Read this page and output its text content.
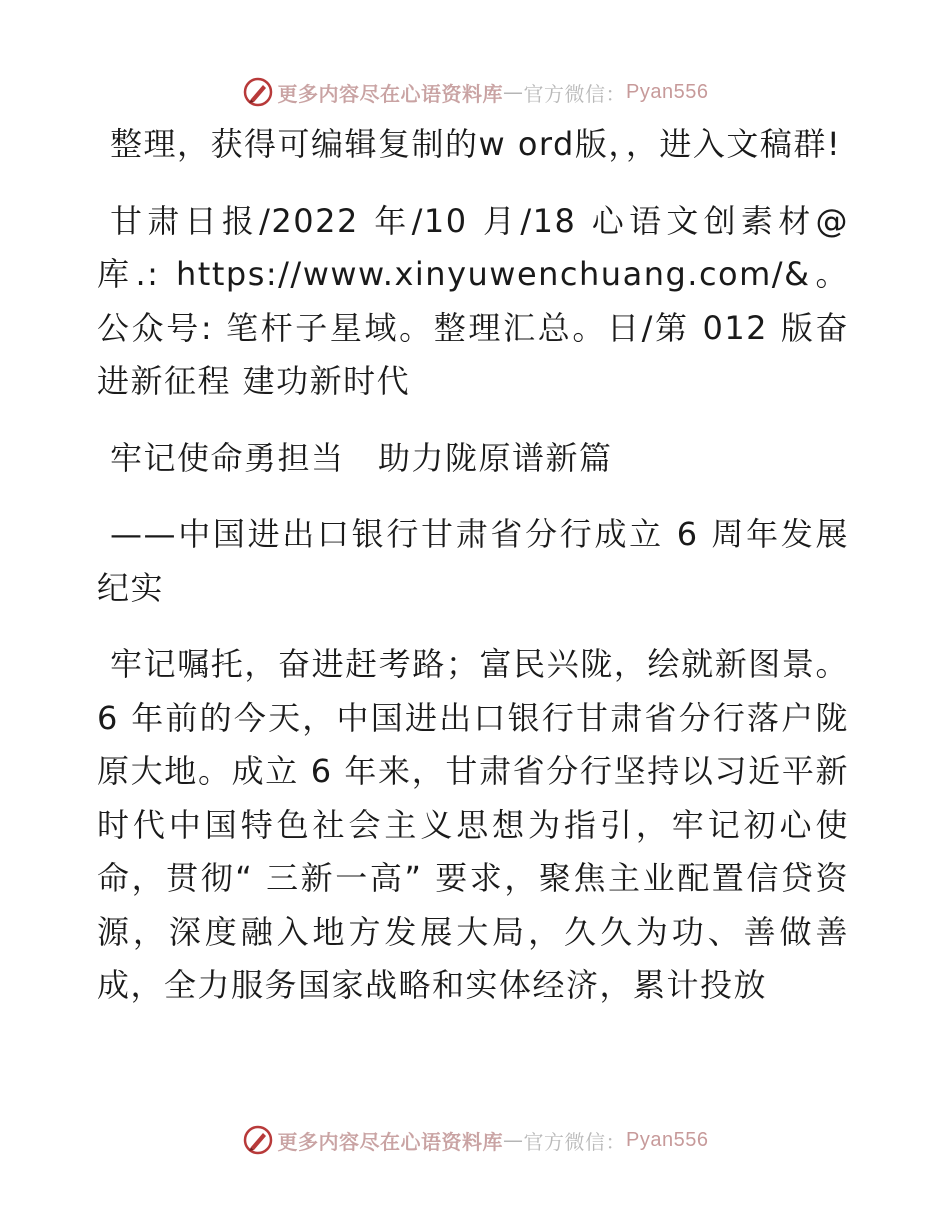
更多内容尽在心语资料库 — 官方微信： Pyan556

整理，获得可编辑复制的w ord版，，进入文稿群!

甘肃日报/2022 年/10 月/18 心语文创素材@库.: https://www.xinyuwenchuang.com/&。公众号: 笔杆子星域。整理汇总。日/第 012 版奋进新征程 建功新时代

牢记使命勇担当　助力陇原谱新篇

——中国进出口银行甘肃省分行成立 6 周年发展纪实

牢记嘱托，奋进赶考路；富民兴陇，绘就新图景。6 年前的今天，中国进出口银行甘肃省分行落户陇原大地。成立 6 年来，甘肃省分行坚持以习近平新时代中国特色社会主义思想为指引，牢记初心使命，贯彻“ 三新一高” 要求，聚焦主业配置信贷资源，深度融入地方发展大局，久久为功、善做善成，全力服务国家战略和实体经济，累计投放

更多内容尽在心语资料库 — 官方微信： Pyan556
